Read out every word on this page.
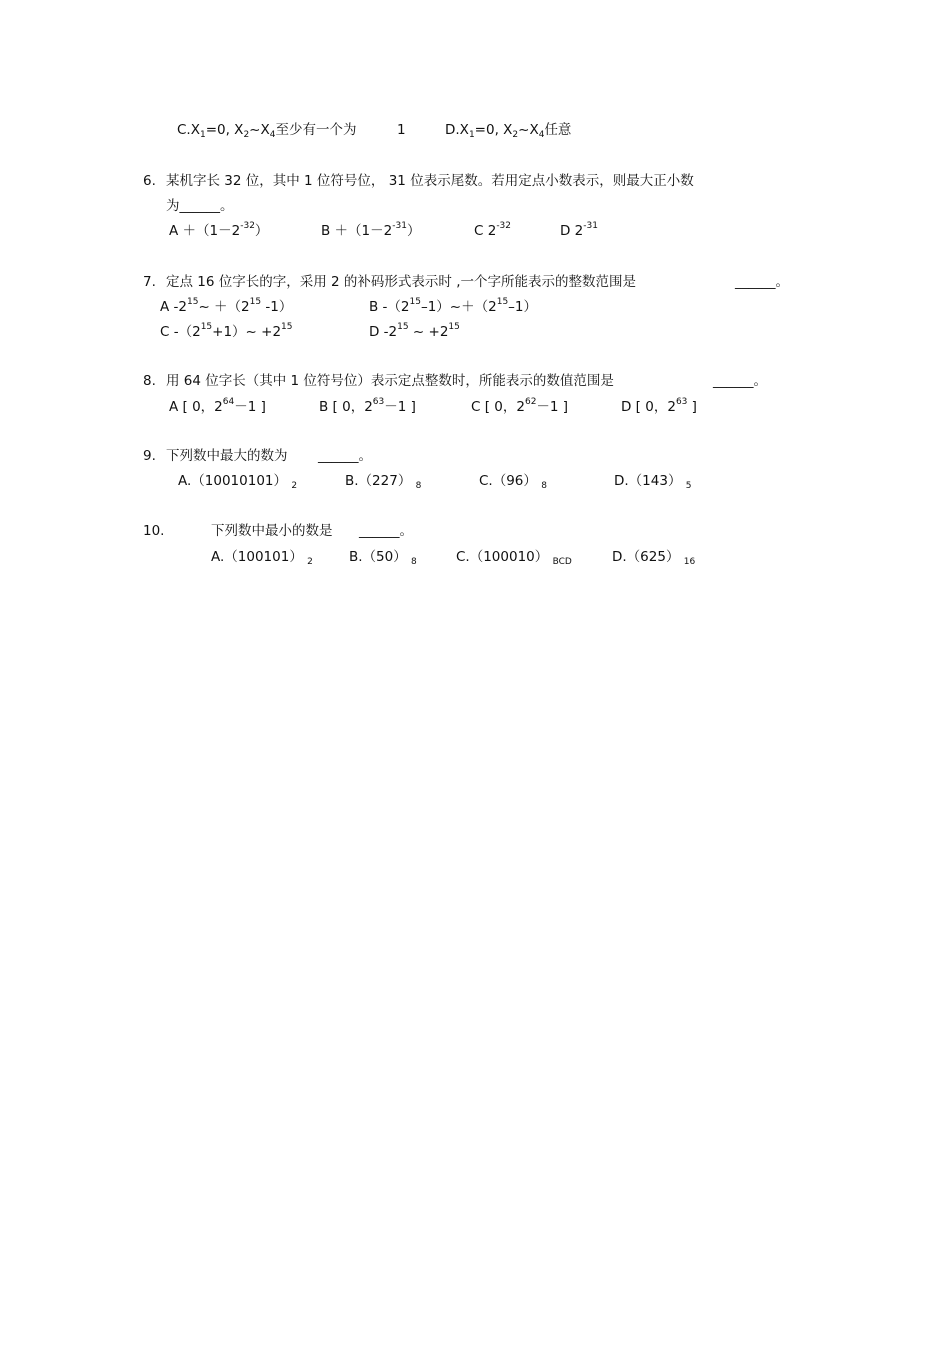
$C.X_1=0$, $X_2\sim X_4$至少有一个为	1	$D.X_1=0$, $X_2\sim X_4$任意
6. 某机字长 32 位，其中 1 位符号位， 31 位表示尾数。若用定点小数表示，则最大正小数
为______。
$A +(1-2^{-32})$	$B +(1-2^{-31})$	C $2^{-32}$	D $2^{-31}$
7. 定点 16 位字长的字，采用 2 的补码形式表示时 ,一个字所能表示的整数范围是	______。
A $-2^{15}\sim +(2^{15}$ -1）	B $-(2^{15}-1)\sim+(2^{15}-1)$
C $-(2^{15}+1)\sim +2^{15}$	D $-2^{15}$ ~ $+2^{15}$
8. 用 64 位字长（其中 1 位符号位）表示定点整数时，所能表示的数值范围是	______。
A [ 0，$2^{64}-1$ ]	B [ 0，$2^{63}-1$ ]	C [ 0，$2^{62}-1$ ]	D [ 0，$2^{63}$ ]
9. 下列数中最大的数为 ______。
A.（10010101） $_2$	B.（227） $_8$	C.（96） $_8$	D.（143） $_5$
10.	下列数中最小的数是 ______。
A.（100101） $_2$	B.（50） $_8$	C.（100010） $_{BCD}$	D.（625） $_{16}$
